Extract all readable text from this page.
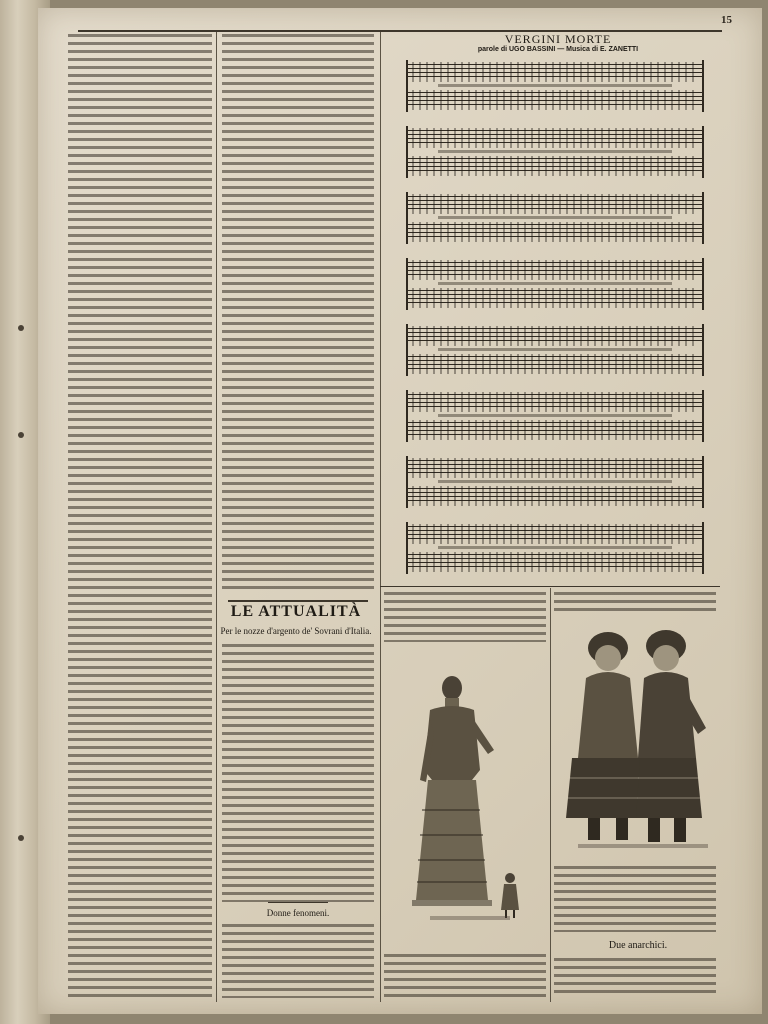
15
VERGINI MORTE
parole di UGO BASSINI — Musica di E. ZANETTI
LE ATTUALITÀ
Per le nozze d'argento de' Sovrani d'Italia.
Donne fenomeni.
Due anarchici.
